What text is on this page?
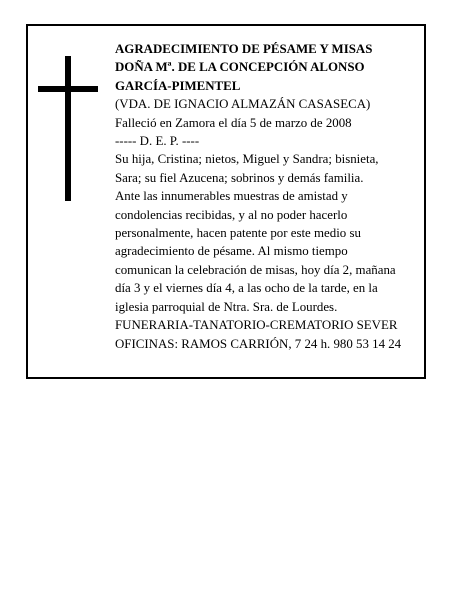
AGRADECIMIENTO DE PÉSAME Y MISAS
DOÑA Mª. DE LA CONCEPCIÓN ALONSO
GARCÍA-PIMENTEL
(VDA. DE IGNACIO ALMAZÁN CASASECA)
Falleció en Zamora el día 5 de marzo de 2008
----- D. E. P. ----
Su hija, Cristina; nietos, Miguel y Sandra; bisnieta,
Sara; su fiel Azucena; sobrinos y demás familia.
Ante las innumerables muestras de amistad y
condolencias recibidas, y al no poder hacerlo
personalmente, hacen patente por este medio su
agradecimiento de pésame. Al mismo tiempo
comunican la celebración de misas, hoy día 2, mañana
día 3 y el viernes día 4, a las ocho de la tarde, en la
iglesia parroquial de Ntra. Sra. de Lourdes.
FUNERARIA-TANATORIO-CREMATORIO SEVER
OFICINAS: RAMOS CARRIÓN, 7 24 h. 980 53 14 24
